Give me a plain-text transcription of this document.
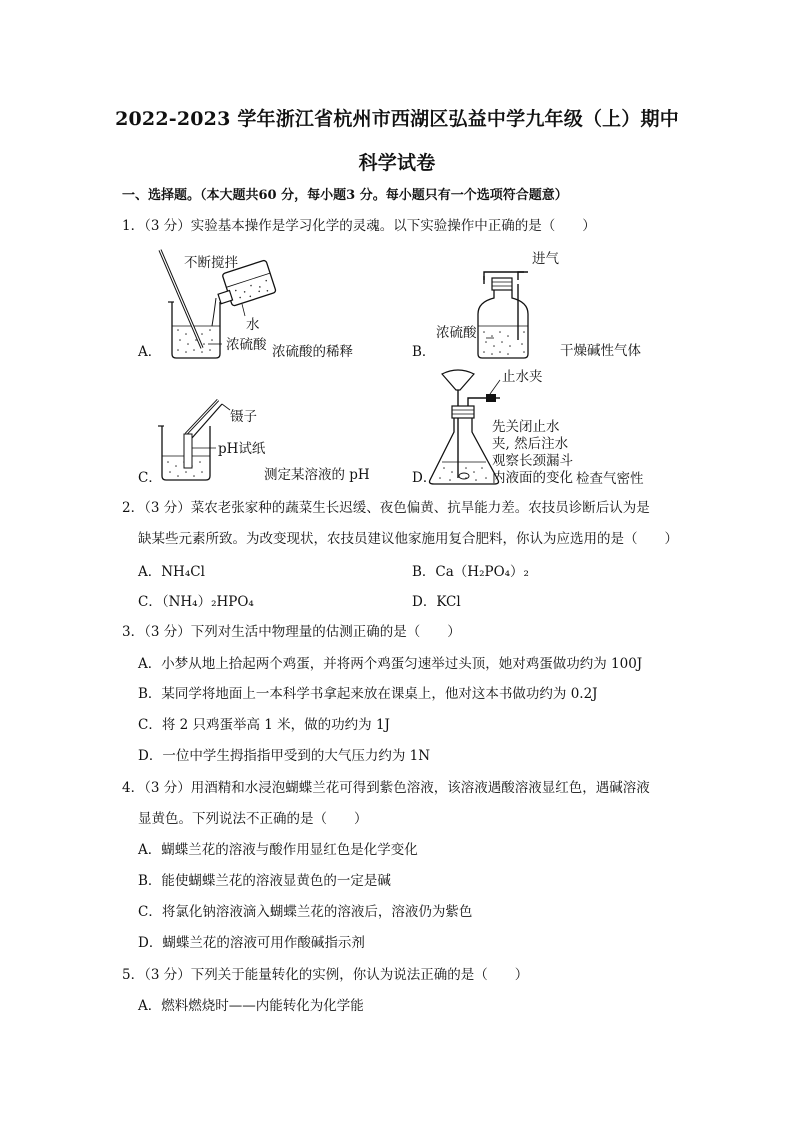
2022-2023 学年浙江省杭州市西湖区弘益中学九年级（上）期中
科学试卷
一、选择题。（本大题共60 分，每小题3 分。每小题只有一个选项符合题意）
1．（3 分）实验基本操作是学习化学的灵魂。以下实验操作中正确的是（　　）
不断搅拌
水
浓硫酸 浓硫酸的稀释
A．
进气
浓硫酸
干燥碱性气体
B．
镊子
pH试纸
测定某溶液的 pH
C．
止水夹
先关闭止水
夹, 然后注水
观察长颈漏斗
内液面的变化 检查气密性
D．
2．（3 分）菜农老张家种的蔬菜生长迟缓、夜色偏黄、抗旱能力差。农技员诊断后认为是
缺某些元素所致。为改变现状，农技员建议他家施用复合肥料，你认为应选用的是（　　）
A．NH₄Cl	B．Ca（H₂PO₄）₂
C．（NH₄）₂HPO₄	D．KCl
3．（3 分）下列对生活中物理量的估测正确的是（　　）
A．小梦从地上拾起两个鸡蛋，并将两个鸡蛋匀速举过头顶，她对鸡蛋做功约为 100J
B．某同学将地面上一本科学书拿起来放在课桌上，他对这本书做功约为 0.2J
C．将 2 只鸡蛋举高 1 米，做的功约为 1J
D．一位中学生拇指指甲受到的大气压力约为 1N
4．（3 分）用酒精和水浸泡蝴蝶兰花可得到紫色溶液，该溶液遇酸溶液显红色，遇碱溶液
显黄色。下列说法不正确的是（　　）
A．蝴蝶兰花的溶液与酸作用显红色是化学变化
B．能使蝴蝶兰花的溶液显黄色的一定是碱
C．将氯化钠溶液滴入蝴蝶兰花的溶液后，溶液仍为紫色
D．蝴蝶兰花的溶液可用作酸碱指示剂
5．（3 分）下列关于能量转化的实例，你认为说法正确的是（　　）
A．燃料燃烧时——内能转化为化学能
